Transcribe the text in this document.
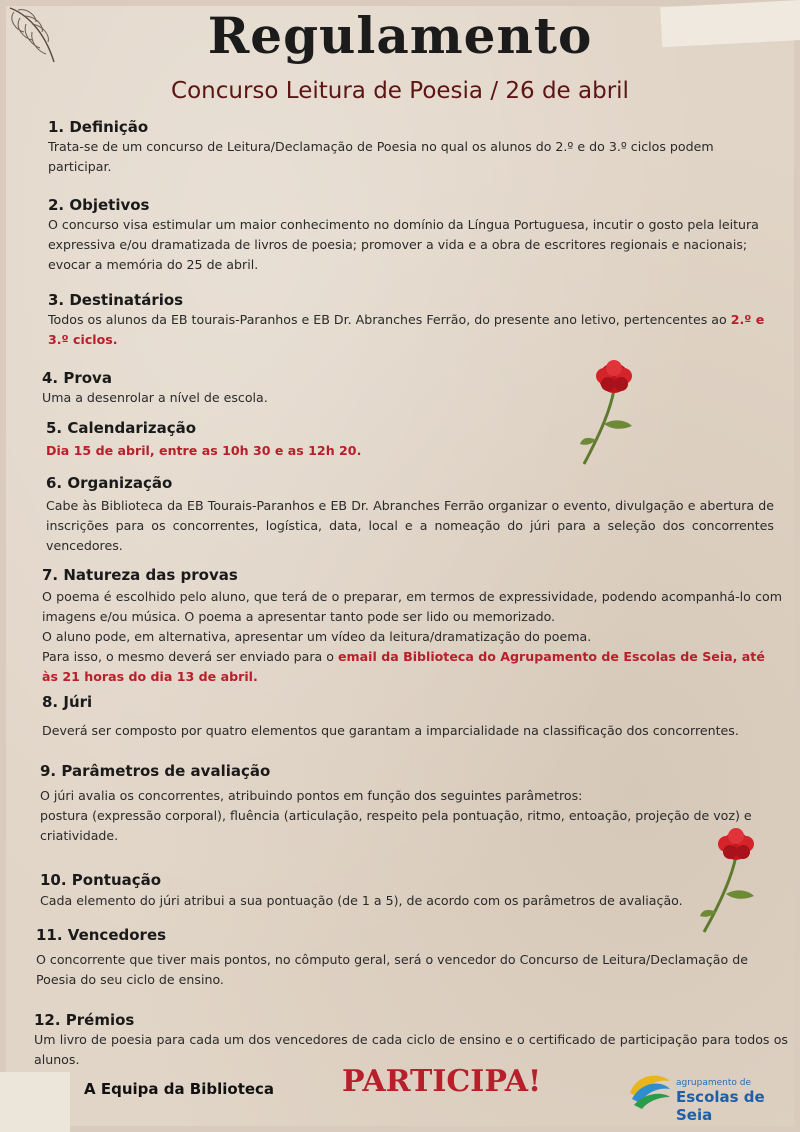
Regulamento
Concurso Leitura de Poesia / 26 de abril
1. Definição

Trata-se de um concurso de Leitura/Declamação de Poesia no qual os alunos do 2.º e do 3.º ciclos podem participar.

2. Objetivos

O concurso visa estimular um maior conhecimento no domínio da Língua Portuguesa, incutir o gosto pela leitura expressiva e/ou dramatizada de livros de poesia; promover a vida e a obra de escritores regionais e nacionais; evocar a memória do 25 de abril.

3. Destinatários

Todos os alunos da EB tourais-Paranhos e EB Dr. Abranches Ferrão, do presente ano letivo, pertencentes ao 2.º e 3.º ciclos.

4. Prova

Uma a desenrolar a nível de escola.

5. Calendarização

Dia 15 de abril, entre as 10h 30 e as 12h 20.

6. Organização

Cabe às Biblioteca da EB Tourais-Paranhos e EB Dr. Abranches Ferrão organizar o evento, divulgação e abertura de inscrições para os concorrentes, logística, data, local e a nomeação do júri para a seleção dos concorrentes vencedores.

7. Natureza das provas

O poema é escolhido pelo aluno, que terá de o preparar, em termos de expressividade, podendo acompanhá-lo com imagens e/ou música. O poema a apresentar tanto pode ser lido ou memorizado.

O aluno pode, em alternativa, apresentar um vídeo da leitura/dramatização do poema.

Para isso, o mesmo deverá ser enviado para o email da Biblioteca do Agrupamento de Escolas de Seia, até às 21 horas do dia 13 de abril.

8. Júri

Deverá ser composto por quatro elementos que garantam a imparcialidade na classificação dos concorrentes.

9. Parâmetros de avaliação

O júri avalia os concorrentes, atribuindo pontos em função dos seguintes parâmetros:

postura (expressão corporal), fluência (articulação, respeito pela pontuação, ritmo, entoação, projeção de voz) e criatividade.

10. Pontuação

Cada elemento do júri atribui a sua pontuação (de 1 a 5), de acordo com os parâmetros de avaliação.

11. Vencedores

O concorrente que tiver mais pontos, no cômputo geral, será o vencedor do Concurso de Leitura/Declamação de Poesia do seu ciclo de ensino.

12. Prémios

Um livro de poesia para cada um dos vencedores de cada ciclo de ensino e o certificado de participação para todos os alunos.

A Equipa da Biblioteca PARTICIPA!	agrupamento de
Escolas de Seia
